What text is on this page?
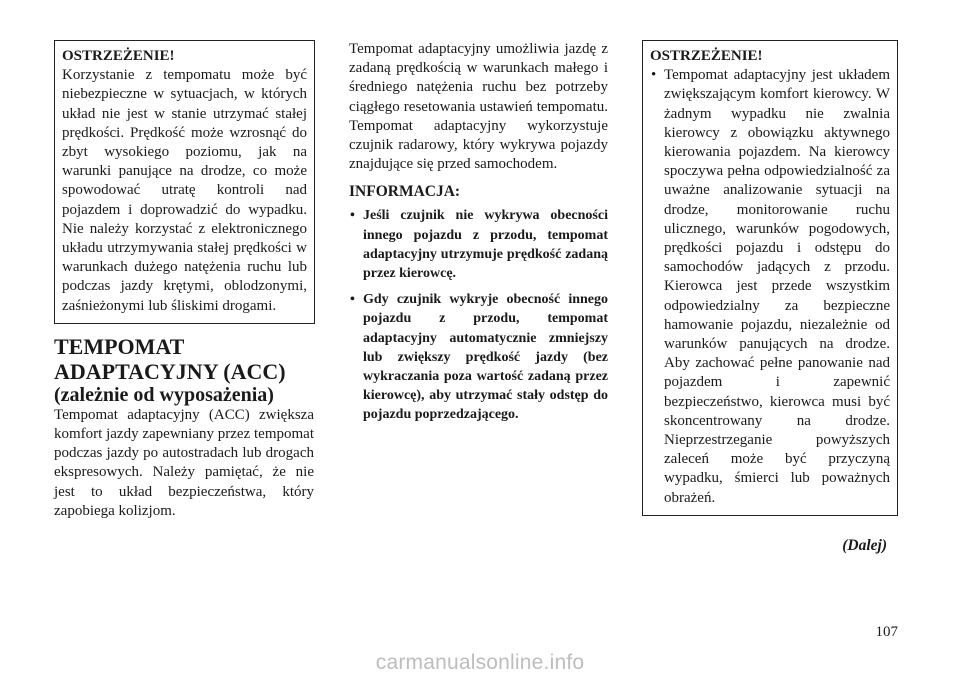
OSTRZEŻENIE!
Korzystanie z tempomatu może być niebezpieczne w sytuacjach, w których układ nie jest w stanie utrzymać stałej prędkości. Prędkość może wzrosnąć do zbyt wysokiego poziomu, jak na warunki panujące na drodze, co może spowodować utratę kontroli nad pojazdem i doprowadzić do wypadku. Nie należy korzystać z elektronicznego układu utrzymywania stałej prędkości w warunkach dużego natężenia ruchu lub podczas jazdy krętymi, oblodzonymi, zaśnieżonymi lub śliskimi drogami.
TEMPOMAT ADAPTACYJNY (ACC)
(zależnie od wyposażenia)
Tempomat adaptacyjny (ACC) zwiększa komfort jazdy zapewniany przez tempomat podczas jazdy po autostradach lub drogach ekspresowych. Należy pamiętać, że nie jest to układ bezpieczeństwa, który zapobiega kolizjom.
Tempomat adaptacyjny umożliwia jazdę z zadaną prędkością w warunkach małego i średniego natężenia ruchu bez potrzeby ciągłego resetowania ustawień tempomatu. Tempomat adaptacyjny wykorzystuje czujnik radarowy, który wykrywa pojazdy znajdujące się przed samochodem.
INFORMACJA:
• Jeśli czujnik nie wykrywa obecności innego pojazdu z przodu, tempomat adaptacyjny utrzymuje prędkość zadaną przez kierowcę.
• Gdy czujnik wykryje obecność innego pojazdu z przodu, tempomat adaptacyjny automatycznie zmniejszy lub zwiększy prędkość jazdy (bez wykraczania poza wartość zadaną przez kierowcę), aby utrzymać stały odstęp do pojazdu poprzedzającego.
OSTRZEŻENIE!
• Tempomat adaptacyjny jest układem zwiększającym komfort kierowcy. W żadnym wypadku nie zwalnia kierowcy z obowiązku aktywnego kierowania pojazdem. Na kierowcy spoczywa pełna odpowiedzialność za uważne analizowanie sytuacji na drodze, monitorowanie ruchu ulicznego, warunków pogodowych, prędkości pojazdu i odstępu do samochodów jadących z przodu. Kierowca jest przede wszystkim odpowiedzialny za bezpieczne hamowanie pojazdu, niezależnie od warunków panujących na drodze. Aby zachować pełne panowanie nad pojazdem i zapewnić bezpieczeństwo, kierowca musi być skoncentrowany na drodze. Nieprzestrzeganie powyższych zaleceń może być przyczyną wypadku, śmierci lub poważnych obrażeń.
(Dalej)
107
carmanualsonline.info
